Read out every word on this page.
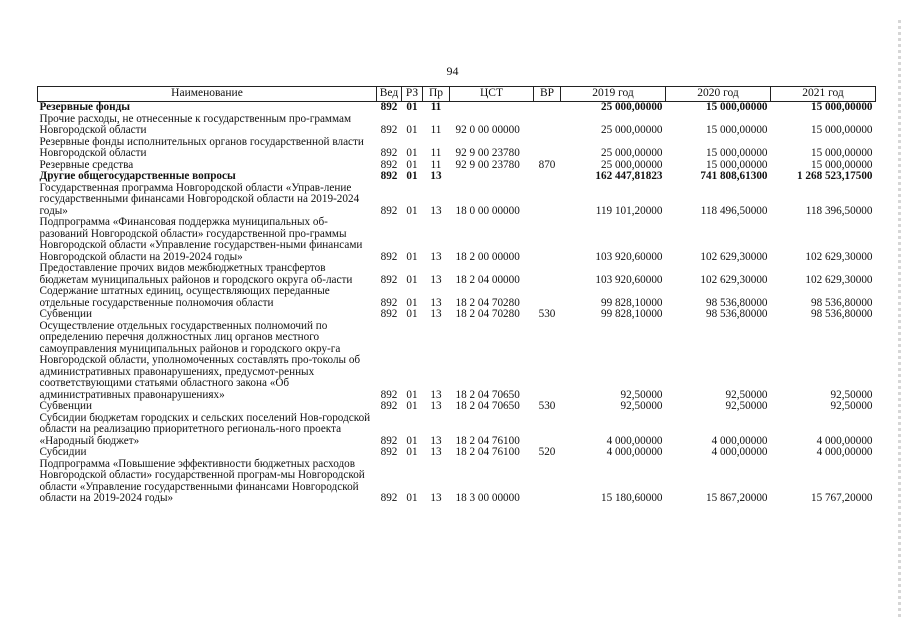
94
Наименование	Вед	РЗ	Пр	ЦСТ	ВР	2019 год	2020 год	2021 год
Резервные фонды	892	01	11			25 000,00000	15 000,00000	15 000,00000
Прочие расходы, не отнесенные к государственным про-граммам Новгородской области	892	01	11	92 0 00 00000		25 000,00000	15 000,00000	15 000,00000
Резервные фонды исполнительных органов государственной власти Новгородской области	892	01	11	92 9 00 23780		25 000,00000	15 000,00000	15 000,00000
Резервные средства	892	01	11	92 9 00 23780	870	25 000,00000	15 000,00000	15 000,00000
Другие общегосударственные вопросы	892	01	13			162 447,81823	741 808,61300	1 268 523,17500
Государственная программа Новгородской области «Управ-ление государственными финансами Новгородской области на 2019-2024 годы»	892	01	13	18 0 00 00000		119 101,20000	118 496,50000	118 396,50000
Подпрограмма «Финансовая поддержка муниципальных об-разований Новгородской области» государственной про-граммы Новгородской области «Управление государствен-ными финансами Новгородской области на 2019-2024 годы»	892	01	13	18 2 00 00000		103 920,60000	102 629,30000	102 629,30000
Предоставление прочих видов межбюджетных трансфертов бюджетам муниципальных районов и городского округа об-ласти	892	01	13	18 2 04 00000		103 920,60000	102 629,30000	102 629,30000
Содержание штатных единиц, осуществляющих переданные отдельные государственные полномочия области	892	01	13	18 2 04 70280		99 828,10000	98 536,80000	98 536,80000
Субвенции	892	01	13	18 2 04 70280	530	99 828,10000	98 536,80000	98 536,80000
Осуществление отдельных государственных полномочий по определению перечня должностных лиц органов местного самоуправления муниципальных районов и городского окру-га Новгородской области, уполномоченных составлять про-токолы об административных правонарушениях, предусмот-ренных соответствующими статьями областного закона «Об административных правонарушениях»	892	01	13	18 2 04 70650		92,50000	92,50000	92,50000
Субвенции	892	01	13	18 2 04 70650	530	92,50000	92,50000	92,50000
Субсидии бюджетам городских и сельских поселений Нов-городской области на реализацию приоритетного региональ-ного проекта «Народный бюджет»	892	01	13	18 2 04 76100		4 000,00000	4 000,00000	4 000,00000
Субсидии	892	01	13	18 2 04 76100	520	4 000,00000	4 000,00000	4 000,00000
Подпрограмма «Повышение эффективности бюджетных расходов Новгородской области» государственной програм-мы Новгородской области «Управление государственными финансами Новгородской области на 2019-2024 годы»	892	01	13	18 3 00 00000		15 180,60000	15 867,20000	15 767,20000
